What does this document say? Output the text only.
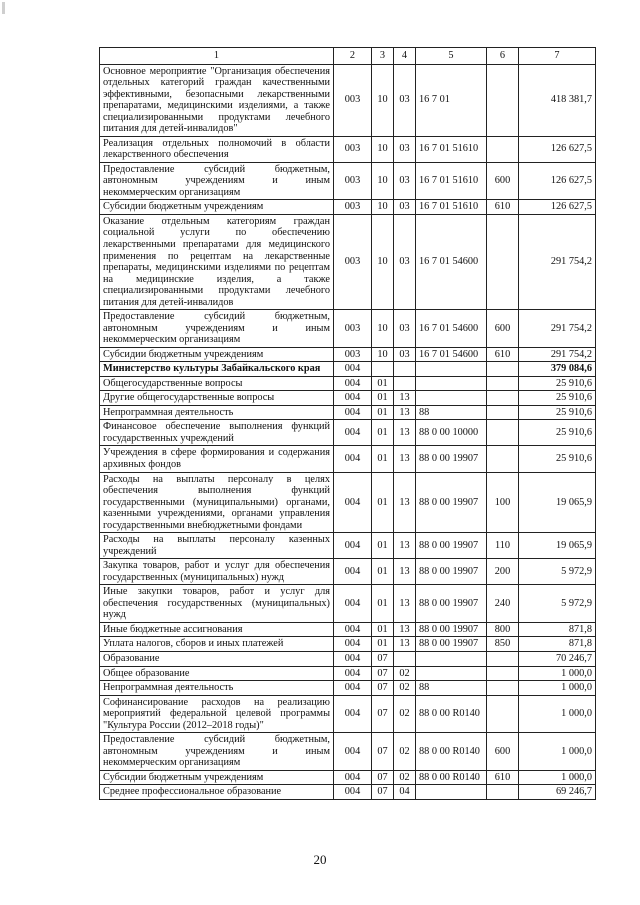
1	2	3	4	5	6	7
Основное мероприятие "Организация обеспечения отдельных категорий граждан качественными эффективными, безопасными лекарственными препаратами, медицинскими изделиями, а также специализированными продуктами лечебного питания для детей-инвалидов"	003	10	03	16 7 01		418 381,7
Реализация отдельных полномочий в области лекарственного обеспечения	003	10	03	16 7 01 51610		126 627,5
Предоставление субсидий бюджетным, автономным учреждениям и иным некоммерческим организациям	003	10	03	16 7 01 51610	600	126 627,5
Субсидии бюджетным учреждениям	003	10	03	16 7 01 51610	610	126 627,5
Оказание отдельным категориям граждан социальной услуги по обеспечению лекарственными препаратами для медицинского применения по рецептам на лекарственные препараты, медицинскими изделиями по рецептам на медицинские изделия, а также специализированными продуктами лечебного питания для детей-инвалидов	003	10	03	16 7 01 54600		291 754,2
Предоставление субсидий бюджетным, автономным учреждениям и иным некоммерческим организациям	003	10	03	16 7 01 54600	600	291 754,2
Субсидии бюджетным учреждениям	003	10	03	16 7 01 54600	610	291 754,2
Министерство культуры Забайкальского края	004					379 084,6
Общегосударственные вопросы	004	01				25 910,6
Другие общегосударственные вопросы	004	01	13			25 910,6
Непрограммная деятельность	004	01	13	88		25 910,6
Финансовое обеспечение выполнения функций государственных учреждений	004	01	13	88 0 00 10000		25 910,6
Учреждения в сфере формирования и содержания архивных фондов	004	01	13	88 0 00 19907		25 910,6
Расходы на выплаты персоналу в целях обеспечения выполнения функций государственными (муниципальными) органами, казенными учреждениями, органами управления государственными внебюджетными фондами	004	01	13	88 0 00 19907	100	19 065,9
Расходы на выплаты персоналу казенных учреждений	004	01	13	88 0 00 19907	110	19 065,9
Закупка товаров, работ и услуг для обеспечения государственных (муниципальных) нужд	004	01	13	88 0 00 19907	200	5 972,9
Иные закупки товаров, работ и услуг для обеспечения государственных (муниципальных) нужд	004	01	13	88 0 00 19907	240	5 972,9
Иные бюджетные ассигнования	004	01	13	88 0 00 19907	800	871,8
Уплата налогов, сборов и иных платежей	004	01	13	88 0 00 19907	850	871,8
Образование	004	07				70 246,7
Общее образование	004	07	02			1 000,0
Непрограммная деятельность	004	07	02	88		1 000,0
Софинансирование расходов на реализацию мероприятий федеральной целевой программы "Культура России (2012–2018 годы)"	004	07	02	88 0 00 R0140		1 000,0
Предоставление субсидий бюджетным, автономным учреждениям и иным некоммерческим организациям	004	07	02	88 0 00 R0140	600	1 000,0
Субсидии бюджетным учреждениям	004	07	02	88 0 00 R0140	610	1 000,0
Среднее профессиональное образование	004	07	04			69 246,7
20
